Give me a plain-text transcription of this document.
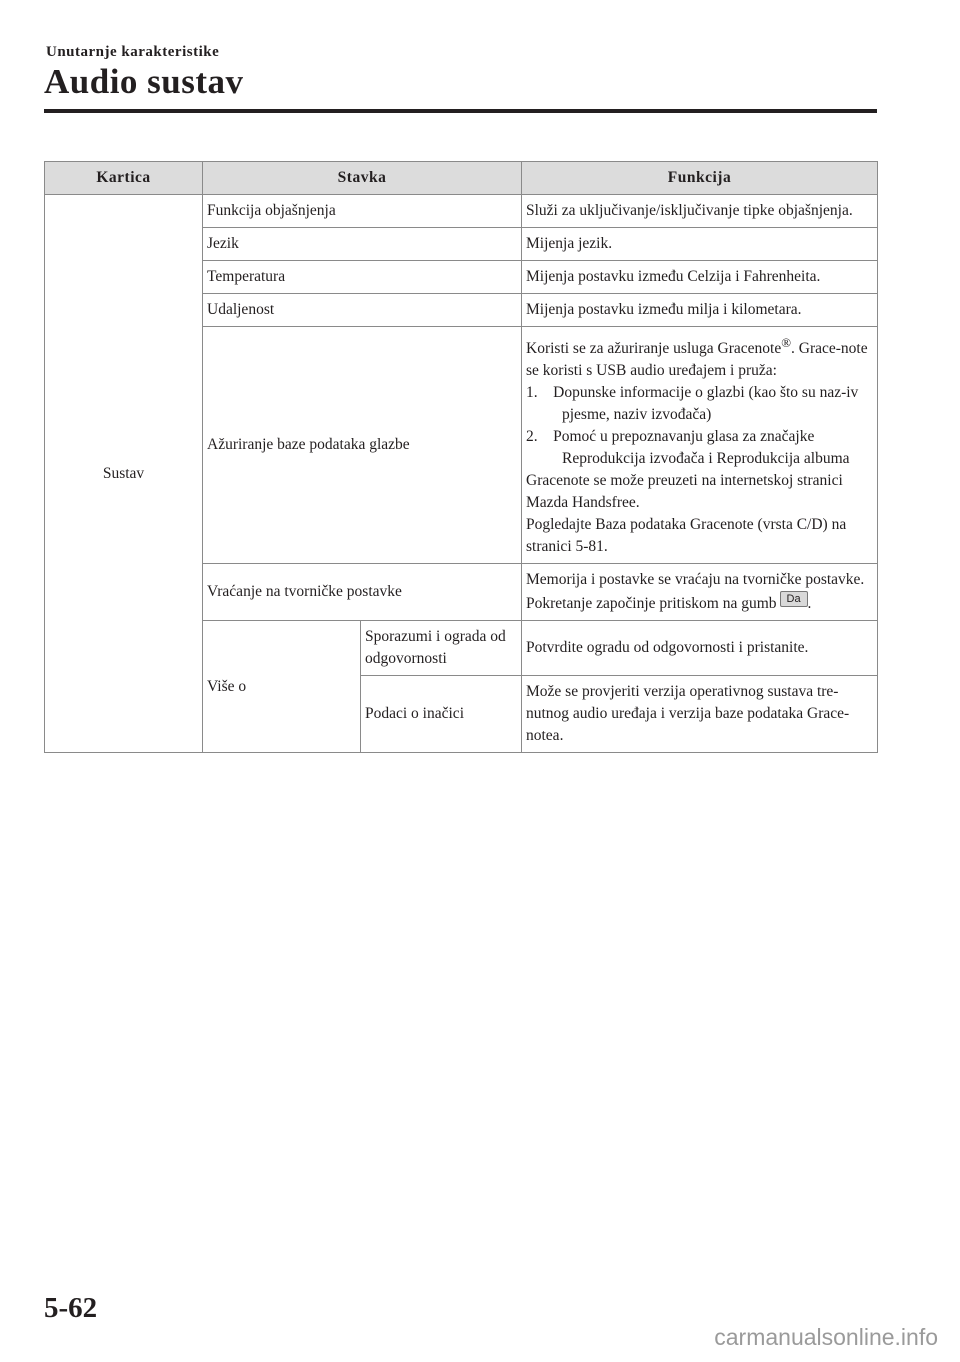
Unutarnje karakteristike
Audio sustav
Kartica	Stavka		Funkcija
Sustav	Funkcija objašnjenja		Služi za uključivanje/isključivanje tipke objašnjenja.
	Jezik		Mijenja jezik.
	Temperatura		Mijenja postavku između Celzija i Fahrenheita.
	Udaljenost		Mijenja postavku između milja i kilometara.
	Ažuriranje baze podataka glazbe		Koristi se za ažuriranje usluga Gracenote®. Grace-note se koristi s USB audio uređajem i pruža:
1. Dopunske informacije o glazbi (kao što su naz-iv pjesme, naziv izvođača)
2. Pomoć u prepoznavanju glasa za značajke Reprodukcija izvođača i Reprodukcija albuma
Gracenote se može preuzeti na internetskoj stranici Mazda Handsfree.
Pogledajte Baza podataka Gracenote (vrsta C/D) na stranici 5-81.

	Vraćanje na tvorničke postavke		Memorija i postavke se vraćaju na tvorničke postavke.
Pokretanje započinje pritiskom na gumb Da .

	Više o	Sporazumi i ograda od odgovornosti	Potvrdite ogradu od odgovornosti i pristanite.
		Podaci o inačici	Može se provjeriti verzija operativnog sustava tre-nutnog audio uređaja i verzija baze podataka Grace-notea.
5-62
carmanualsonline.info
